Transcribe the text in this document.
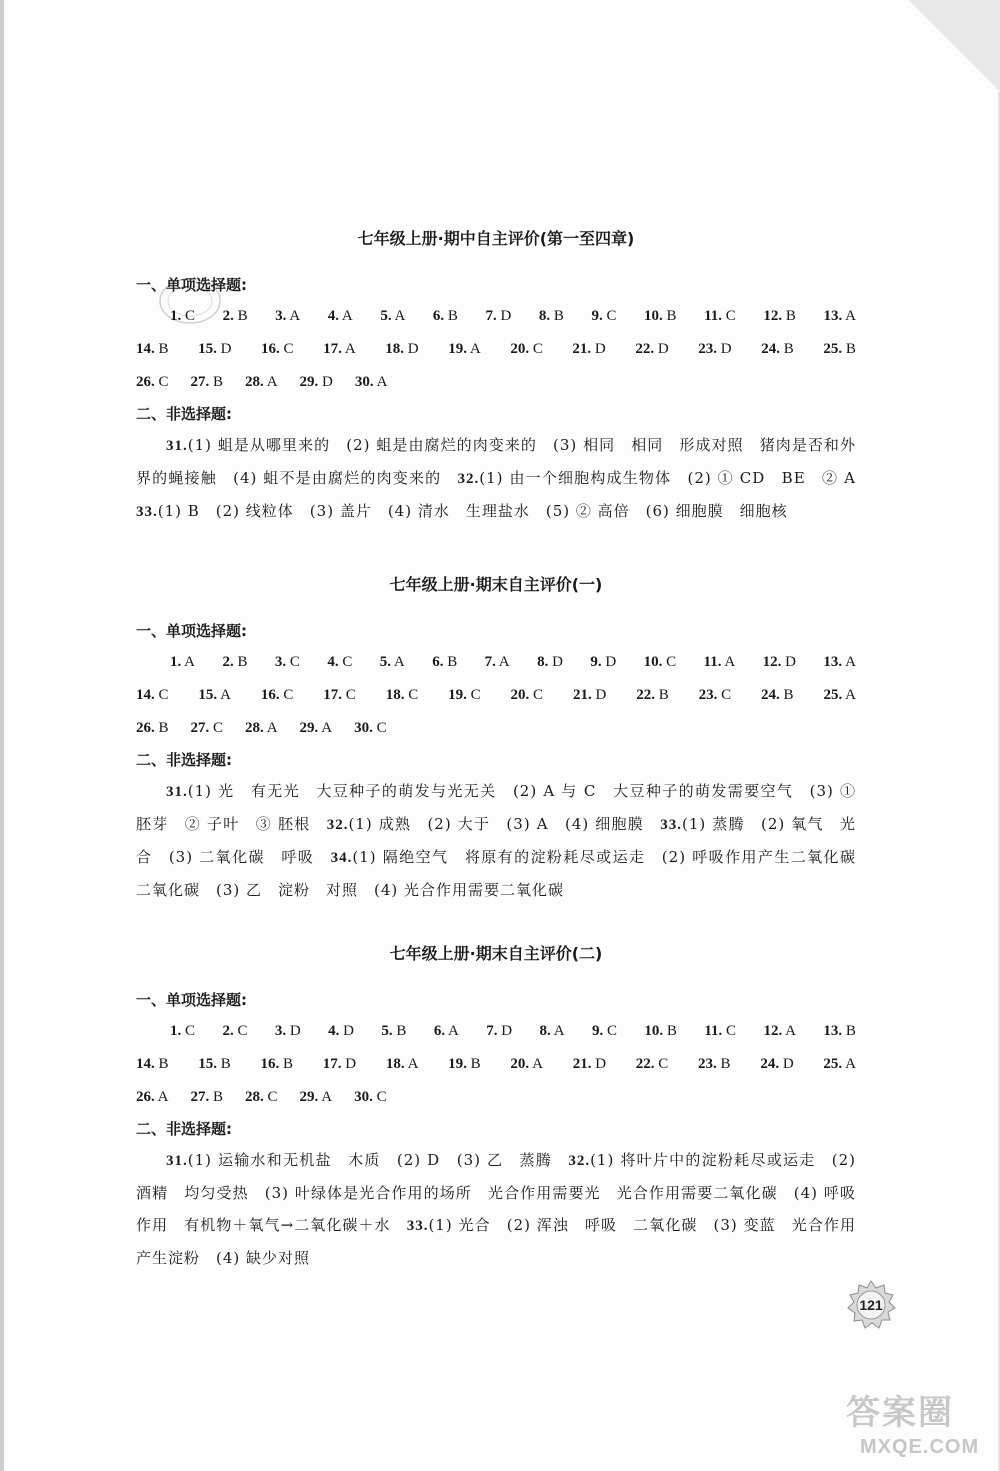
七年级上册·期中自主评价(第一至四章)
一、单项选择题:
1. C 2. B 3. A 4. A 5. A 6. B 7. D 8. B 9. C 10. B 11. C 12. B 13. A
14. B 15. D 16. C 17. A 18. D 19. A 20. C 21. D 22. D 23. D 24. B 25. B
26. C 27. B 28. A 29. D 30. A
二、非选择题:
31.(1) 蛆是从哪里来的　(2) 蛆是由腐烂的肉变来的　(3) 相同　相同　形成对照　猪肉是否和外界的蝇接触　(4) 蛆不是由腐烂的肉变来的　32.(1) 由一个细胞构成生物体　(2) ① CD　BE　② A　33.(1) B　(2) 线粒体　(3) 盖片　(4) 清水　生理盐水　(5) ② 高倍　(6) 细胞膜　细胞核
七年级上册·期末自主评价(一)
一、单项选择题:
1. A 2. B 3. C 4. C 5. A 6. B 7. A 8. D 9. D 10. C 11. A 12. D 13. A
14. C 15. A 16. C 17. C 18. C 19. C 20. C 21. D 22. B 23. C 24. B 25. A
26. B 27. C 28. A 29. A 30. C
二、非选择题:
31.(1) 光　有无光　大豆种子的萌发与光无关　(2) A 与 C　大豆种子的萌发需要空气　(3) ① 胚芽　② 子叶　③ 胚根　32.(1) 成熟　(2) 大于　(3) A　(4) 细胞膜　33.(1) 蒸腾　(2) 氧气　光合　(3) 二氧化碳　呼吸　34.(1) 隔绝空气　将原有的淀粉耗尽或运走　(2) 呼吸作用产生二氧化碳　二氧化碳　(3) 乙　淀粉　对照　(4) 光合作用需要二氧化碳
七年级上册·期末自主评价(二)
一、单项选择题:
1. C 2. C 3. D 4. D 5. B 6. A 7. D 8. A 9. C 10. B 11. C 12. A 13. B
14. B 15. B 16. B 17. D 18. A 19. B 20. A 21. D 22. C 23. B 24. D 25. A
26. A 27. B 28. C 29. A 30. C
二、非选择题:
31.(1) 运输水和无机盐　木质　(2) D　(3) 乙　蒸腾　32.(1) 将叶片中的淀粉耗尽或运走　(2) 酒精　均匀受热　(3) 叶绿体是光合作用的场所　光合作用需要光　光合作用需要二氧化碳　(4) 呼吸作用　有机物＋氧气→二氧化碳＋水　33.(1) 光合　(2) 浑浊　呼吸　二氧化碳　(3) 变蓝　光合作用产生淀粉　(4) 缺少对照
121
答案圈
MXQE.COM
